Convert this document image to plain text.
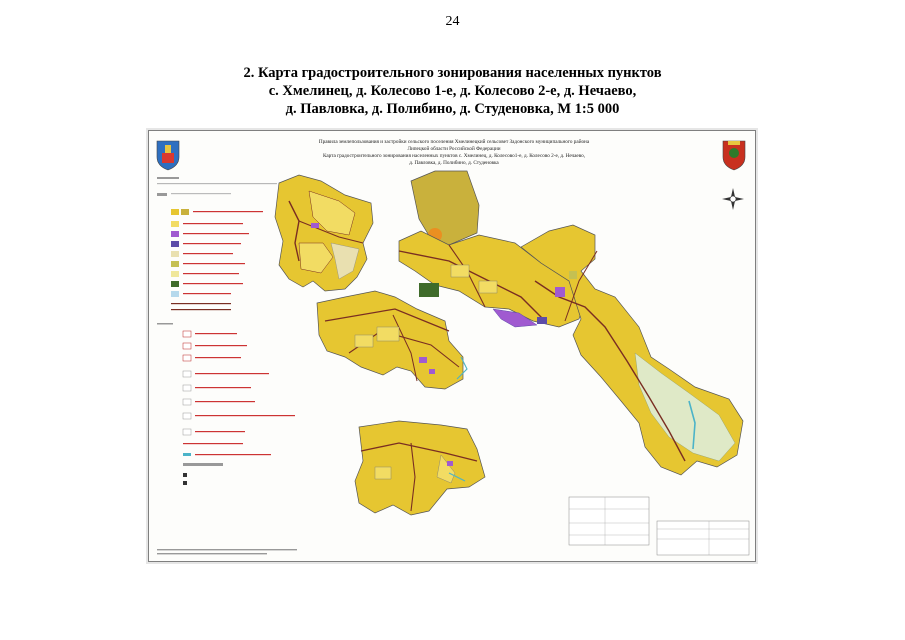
24
2. Карта градостроительного зонирования населенных пунктов
с. Хмелинец, д. Колесово 1-е, д. Колесово 2-е, д. Нечаево,
д. Павловка, д. Полибино, д. Студеновка, М 1:5 000
Правила землепользования и застройки сельского поселения Хмелинецкий сельсовет Задонского муниципального района
Липецкой области Российской Федерации
Карта градостроительного зонирования населенных пунктов с. Хмелинец, д. Колесово1-е, д. Колесово 2-е, д. Нечаево,
д. Павловка, д. Полибино, д. Студеновка
